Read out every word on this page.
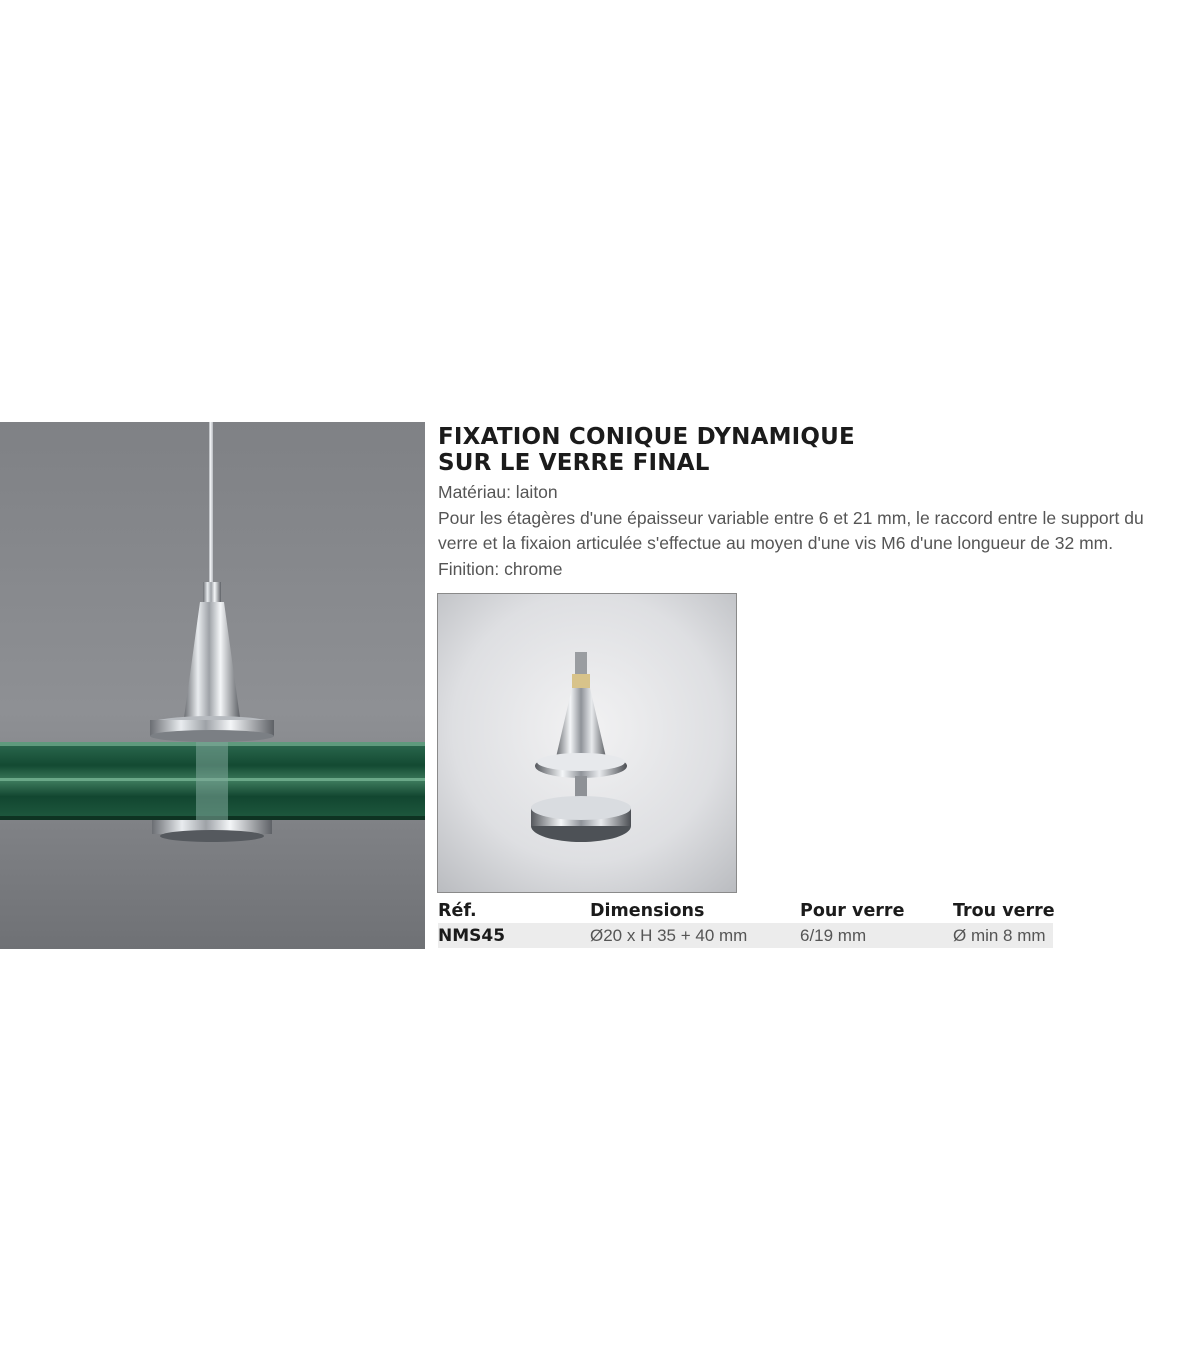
FIXATION CONIQUE DYNAMIQUE
SUR LE VERRE FINAL

Matériau: laiton

Pour les étagères d'une épaisseur variable entre 6 et 21 mm, le raccord entre le support du

verre et la fixaion articulée s'effectue au moyen d'une vis M6 d'une longueur de 32 mm.

Finition: chrome

Réf.	Dimensions	Pour verre	Trou verre
NMS45	Ø20 x H 35 + 40 mm	6/19 mm	Ø min 8 mm
